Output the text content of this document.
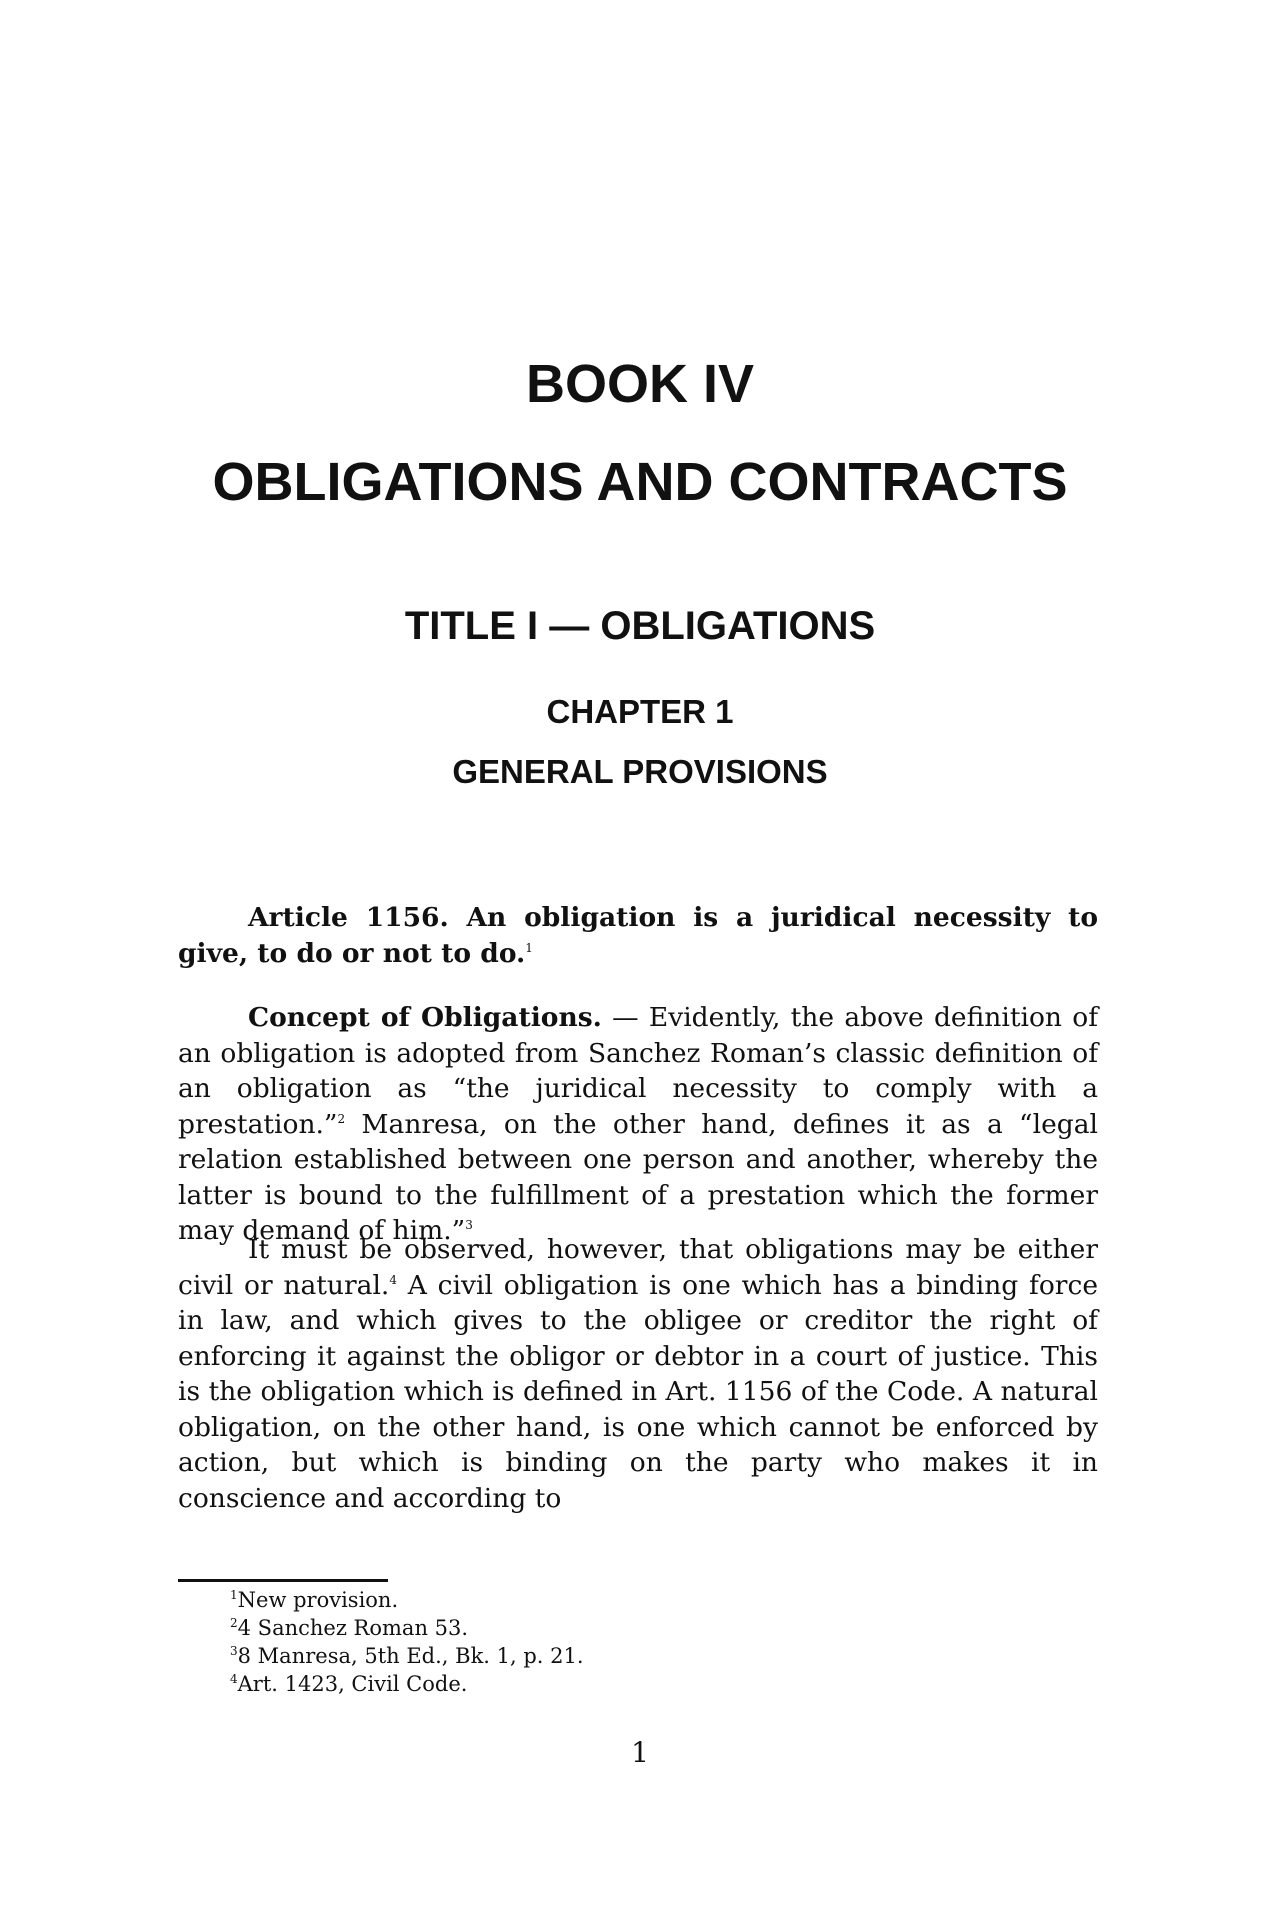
BOOK IV
OBLIGATIONS AND CONTRACTS
TITLE I — OBLIGATIONS
CHAPTER 1
GENERAL PROVISIONS

Article 1156. An obligation is a juridical necessity to give, to do or not to do.$^1$

Concept of Obligations. — Evidently, the above definition of an obligation is adopted from Sanchez Roman’s classic definition of an obligation as “the juridical necessity to comply with a prestation.”$^2$ Manresa, on the other hand, defines it as a “legal relation established between one person and another, whereby the latter is bound to the fulfillment of a prestation which the former may demand of him.”$^3$

It must be observed, however, that obligations may be either civil or natural.$^4$ A civil obligation is one which has a binding force in law, and which gives to the obligee or creditor the right of enforcing it against the obligor or debtor in a court of justice. This is the obligation which is defined in Art. 1156 of the Code. A natural obligation, on the other hand, is one which cannot be enforced by action, but which is binding on the party who makes it in conscience and according to

$^1$New provision.

$^2$4 Sanchez Roman 53.

$^3$8 Manresa, 5th Ed., Bk. 1, p. 21.

$^4$Art. 1423, Civil Code.

1
